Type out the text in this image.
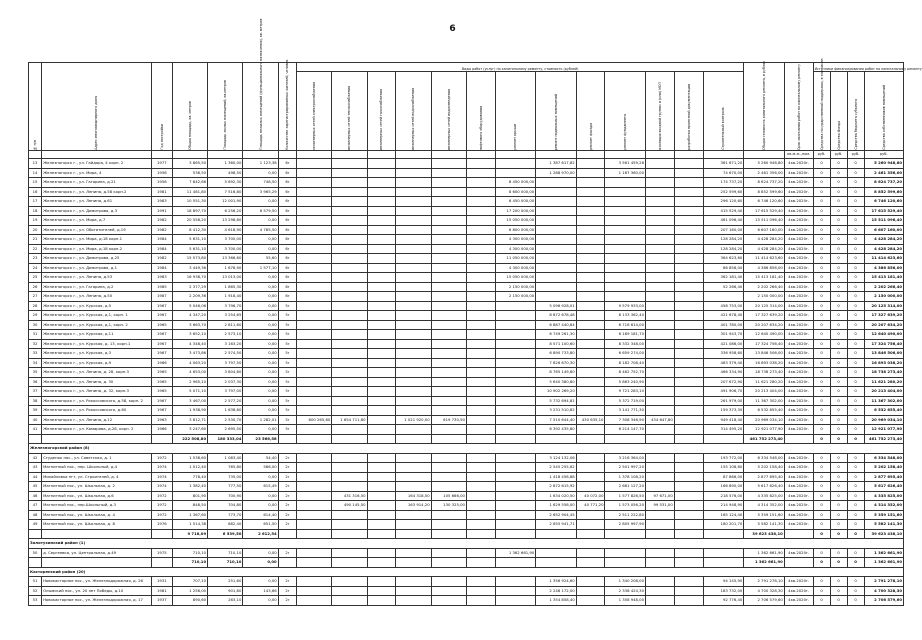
6
№ п/п	Адрес многоквартирного дома	Год постройки	Общая площадь, кв. метров	Площадь жилых помещений, кв.метров	Площадь нежилых помещений (функционального назначения), кв. метров	Количество зарегистрированных жителей, человек	Виды работ (услуг) по капитальному ремонту, стоимость (рублей)													Общая стоимость капитального ремонта, в рублях	Срок окончания работ по капитальному ремонту	Источники финансирования работ по капитальному ремонту			

							инженерных сетей электроснабжения	инженерных сетей теплоснабжения	инженерных сетей газоснабжения	инженерных сетей водоснабжения	инженерных сетей водоотведения	лифтового оборудования	ремонт крыши	ремонт подвальных помещений	ремонт фасада	ремонт фундамента	изоляция входной группы и (или) МОП	разработка проектной документации	Строительный контроль			Средства государственной поддержки, в том числе:	Средства Фонда	Средства бюджета субъекта	Средства собственников помещений

																					кв.м.ж.,пом.	руб.	руб.	руб.	руб.
13	Железногорск г., ул. Гайдара, 4 корп. 2	1977	3 865,50	1 360,00	1 123,38	6r								1 387 617,82		3 561 459,26			361 671,20	5 260 948,80	4кв.2020г.	0	0	0	5 260 948,80
14	Железногорск г., ул. Мира, 4	1958	538,50	498,50	0,00	6r								1 288 970,00		1 167 360,00			74 670,00	2 461 356,00	4кв.2020г.	0	0	0	2 461 356,00
15	Железногорск г., ул. Гагарина, д.21	1958	7 842,66	5 692,30	748,50	6r							8 450 000,00						174 737,20	8 624 737,20	4кв.2020г.	0	0	0	8 624 737,20
16	Железногорск г., ул. Ленина, д.58 корп.2	1981	11 481,80	7 516,80	3 965,29	6r							8 600 000,00						252 599,60	8 852 599,60	4кв.2020г.	0	0	0	8 852 599,60
17	Железногорск г., ул. Ленина, д.61	1983	10 551,30	12 001,90	0,00	6r							6 450 000,00						296 120,60	6 746 120,60	4кв.2020г.	0	0	0	6 746 120,60
18	Железногорск г., ул. Димитрова, д.3	1991	18 897,70	6 256,20	6 579,50	6r							17 200 000,00						415 529,40	17 615 529,40	4кв.2020г.	0	0	0	17 615 529,40
19	Железногорск г., ул. Мира, д.7	1982	20 558,20	13 298,60	0,00	6r							15 050 000,00						461 096,40	15 511 096,40	4кв.2020г.	0	0	0	15 511 096,40
20	Железногорск г., ул. Обогатителей, д.19	1982	8 412,30	4 618,90	4 785,50	6r							6 800 000,00						207 160,00	6 607 160,00	4кв.2020г.	0	0	0	6 607 160,00
21	Железногорск г., ул. Мира, д.18 корп.1	1984	5 631,10	3 700,00	0,00	6r							4 300 000,00						128 284,20	4 428 284,20	4кв.2020г.	0	0	0	4 428 284,20
22	Железногорск г., ул. Мира, д.18 корп.2	1984	5 631,10	3 700,00	0,00	6r							4 300 000,00						128 284,20	4 428 284,20	4кв.2020г.	0	0	0	4 428 284,20
23	Железногорск г., ул. Димитрова, д.25	1982	15 573,80	13 366,60	55,60	6r							11 050 000,00						364 623,60	11 414 623,60	4кв.2020г.	0	0	0	11 414 623,60
24	Железногорск г., ул. Димитрова, д.1	1984	3 449,36	1 678,90	1 577,10	6r							4 300 000,00						86 856,00	4 386 856,00	4кв.2020г.	0	0	0	4 386 856,00
25	Железногорск г., ул. Ленина, д.53	1983	16 938,70	13 013,00	0,00	6r							15 050 000,00						362 181,40	15 413 181,40	4кв.2020г.	0	0	0	15 413 181,40
26	Железногорск г., ул. Гагарина, д.2	1985	2 377,29	1 865,30	0,00	6r							2 150 000,00						52 266,40	2 202 266,40	4кв.2020г.	0	0	0	2 202 266,40
27	Железногорск г., ул. Ленина, д.50	1987	2 209,36	1 918,40	0,00	6r							2 150 000,00							2 150 000,00	4кв.2020г.	0	0	0	2 150 000,00
28	Железногорск г., ул. Курская, д.5	1967	5 046,06	3 796,70	0,00	5r								5 096 928,01		9 579 933,00			458 753,00	20 125 314,00	4кв.2020г.	0	0	0	20 125 314,00
29	Железногорск г., ул. Курская, д.1, корп. 1	1967	4 347,20	3 254,65	0,00	5r								8 872 678,48		8 133 362,40			421 678,40	17 327 639,20	4кв.2020г.	0	0	0	17 327 639,20
30	Железногорск г., ул. Курская, д.1, корп. 2	1965	3 663,70	2 811,60	0,00	5r								6 887 440,84		6 718 614,00			401 780,00	20 207 634,20	4кв.2020г.	0	0	0	20 207 634,20
31	Железногорск г., ул. Курская, д.11	1967	3 652,10	2 573,10	0,00	5r								6 749 261,30		6 169 181,70			301 943,70	12 640 490,00	4кв.2020г.	0	0	0	12 640 490,00
32	Железногорск г., ул. Курская, д. 13, корп.1	1967	4 348,40	3 163,20	0,00	5r								8 571 100,60		8 332 348,00			421 086,00	17 324 756,40	4кв.2020г.	0	0	0	17 324 756,40
33	Железногорск г., ул. Курская, д.3	1967	3 473,86	2 574,50	0,00	5r								6 890 733,80		6 659 274,00			336 958,60	13 846 506,00	4кв.2020г.	0	0	0	13 846 506,00
34	Железногорск г., ул. Курская, д.9	1966	4 063,20	3 797,50	0,00	5r								7 826 670,30		8 182 708,40			483 379,40	16 893 038,20	4кв.2020г.	0	0	0	16 893 038,20
35	Железногорск г., ул. Ленина, д. 28, корп.3	1965	4 653,00	3 804,60	0,00	5r								8 765 149,60		8 462 752,70			466 334,90	18 738 273,40	4кв.2020г.	0	0	0	18 738 273,40
36	Железногорск г., ул. Ленина, д. 30	1965	2 965,10	2 037,30	0,00	5r								5 640 380,60		5 863 240,90			207 672,90	11 621 280,20	4кв.2020г.	0	0	0	11 621 280,20
37	Железногорск г., ул. Ленина, д. 32, корп.3	1965	5 071,10	3 797,00	0,00	5r								10 902 269,20		9 721 283,10			491 906,70	20 213 404,00	4кв.2020г.	0	0	0	20 213 404,00
38	Железногорск г., ул. Рокоссовского, д.58, корп. 2	1967	3 467,00	2 577,20	0,00	5r								5 732 694,81		5 372 719,00			261 979,00	11 367 302,00	4кв.2020г.	0	0	0	11 367 302,00
39	Железногорск г., ул. Рокоссовского, д.60	1967	1 938,90	1 638,60	0,00	5r								3 231 510,82		3 141 771,30			159 373,30	6 532 655,40	4кв.2020г.	0	0	0	6 532 655,40
40	Железногорск г., ул. Ленина, д.12	1963	3 812,71	2 530,70	1 282,01	5r	600 265,60	1 654 711,80		1 021 920,00	619 730,50			7 510 644,40	430 635,10	7 308 346,90	434 647,80		949 418,40	20 969 034,10	4кв.2020г.	0	0	0	20 969 034,10
41	Железногорск г., ул. Комарова, д.28, корп. 2	1966	3 247,60	2 695,50	0,00	5r								6 392 435,80		6 214 147,70			314 495,20	12 921 077,90	4кв.2020г.	0	0	0	12 921 077,90
			222 508,80	180 333,04	23 566,58															461 752 273,40		0	0	0	461 752 273,40
Железногорский район (8)																									
42	Студенок пос., ул. Советская, д. 1	1972	1 538,60	1 083,40	54,40	2r								3 124 132,06		3 216 364,00			193 772,00	6 334 548,00	4кв.2020г.	0	0	0	6 334 548,00
43	Магнитный пос., пер. Школьный, д.4	1974	1 012,40	765,80	586,00	2r								2 545 255,62		2 501 997,20			155 108,60	5 202 158,40	4кв.2020г.	0	0	0	5 202 158,40
44	Михайловка пгт, ул. Строителей, д. 4	1974	778,40	735,00	0,00	2r								1 418 458,88		1 378 108,20			87 866,00	2 877 695,40	4кв.2020г.	0	0	0	2 877 695,40
45	Магнитный пос., ул. Школьная, д. 2	1974	1 382,40	777,50	615,49	2r								2 872 615,92		2 661 127,20			166 890,00	5 617 626,40	4кв.2020г.	0	0	0	5 617 626,40
46	Магнитный пос., ул. Школьная, д.6	1972	801,90	700,90	0,00	2r		431 316,50		164 318,50	105 666,00			1 634 020,50	40 072,00	1 577 826,50	97 671,00		218 576,00	4 335 825,00	4кв.2020г.	0	0	0	4 335 825,00
47	Магнитный пос., пер.Школьный, д.3	1972	848,50	704,80	0,00	2r		490 145,50		163 914,20	130 325,00			1 629 558,00	40 771,20	1 573 056,20	99 531,00		214 948,90	4 314 352,00	4кв.2020г.	0	0	0	4 314 352,00
48	Магнитный пос., ул. Школьная, д. 4	1972	1 367,60	773,70	614,40	2r								2 652 904,45		2 511 222,80			165 124,40	5 359 151,60	4кв.2020г.	0	0	0	5 359 151,60
49	Магнитный пос., ул. Школьная, д. 8	1976	1 514,38	682,40	651,50	2r								2 655 941,71		2 805 997,90			180 201,70	5 582 141,30	4кв.2020г.	0	0	0	5 582 141,30
			9 718,09	6 539,50	2 612,54															39 623 438,10		0	0	0	39 623 438,10
Золотухинский район (1)																									
50	д. Сергеевка, ул. Центральная, д.49	1975	710,10	710,10	0,00	2r							1 362 661,90							1 362 661,90	4кв.2020г.	0	0	0	1 362 661,90
			710,10	710,10	0,00															1 362 661,90		0	0	0	1 362 661,90
Касторенский район (20)																									
51	Новокасторное пос., ул. Железнодорожная, д. 26	1931	707,10	251,60	0,00	2r								1 356 924,60		1 340 208,00			94 145,90	2 791 278,10	4кв.2020г.	0	0	0	2 791 278,10
52	Олымский пос., ул. 20 лет Победы, д.10	1981	1 256,00	901,80	143,66	2r								2 248 172,00		2 338 424,30			183 732,00	4 700 328,30	4кв.2020г.	0	0	0	4 700 328,30
53	Новокасторное пос., ул. Железнодорожная, д. 17	1937	890,60	263,10	0,00	2r								1 354 858,40		1 358 948,00			92 776,40	2 706 579,60	4кв.2020г.	0	0	0	2 706 579,60
